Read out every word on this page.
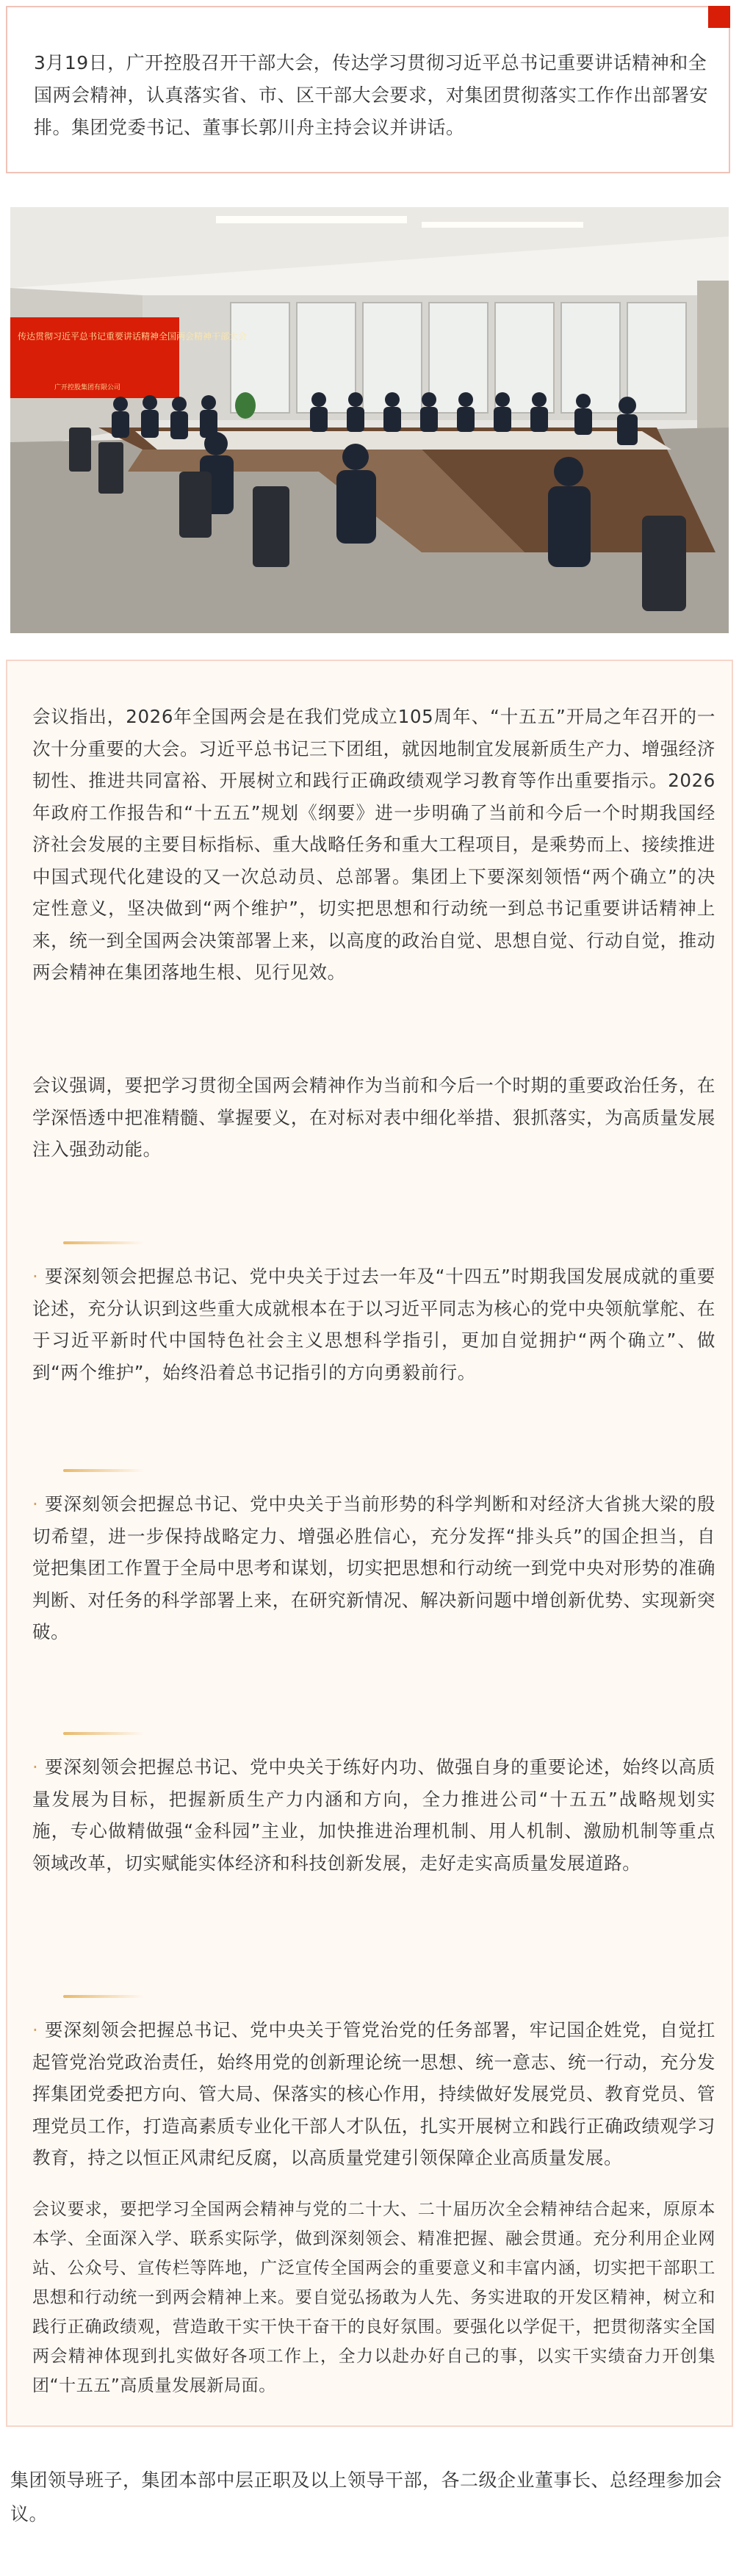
3月19日，广开控股召开干部大会，传达学习贯彻习近平总书记重要讲话精神和全国两会精神，认真落实省、市、区干部大会要求，对集团贯彻落实工作作出部署安排。集团党委书记、董事长郭川舟主持会议并讲话。
传达贯彻习近平总书记重要讲话精神全国两会精神干部大会
广开控股集团有限公司
会议指出，2026年全国两会是在我们党成立105周年、“十五五”开局之年召开的一次十分重要的大会。习近平总书记三下团组，就因地制宜发展新质生产力、增强经济韧性、推进共同富裕、开展树立和践行正确政绩观学习教育等作出重要指示。2026年政府工作报告和“十五五”规划《纲要》进一步明确了当前和今后一个时期我国经济社会发展的主要目标指标、重大战略任务和重大工程项目，是乘势而上、接续推进中国式现代化建设的又一次总动员、总部署。集团上下要深刻领悟“两个确立”的决定性意义，坚决做到“两个维护”，切实把思想和行动统一到总书记重要讲话精神上来，统一到全国两会决策部署上来，以高度的政治自觉、思想自觉、行动自觉，推动两会精神在集团落地生根、见行见效。
会议强调，要把学习贯彻全国两会精神作为当前和今后一个时期的重要政治任务，在学深悟透中把准精髓、掌握要义，在对标对表中细化举措、狠抓落实，为高质量发展注入强劲动能。
· 要深刻领会把握总书记、党中央关于过去一年及“十四五”时期我国发展成就的重要论述，充分认识到这些重大成就根本在于以习近平同志为核心的党中央领航掌舵、在于习近平新时代中国特色社会主义思想科学指引，更加自觉拥护“两个确立”、做到“两个维护”，始终沿着总书记指引的方向勇毅前行。
· 要深刻领会把握总书记、党中央关于当前形势的科学判断和对经济大省挑大梁的殷切希望，进一步保持战略定力、增强必胜信心，充分发挥“排头兵”的国企担当，自觉把集团工作置于全局中思考和谋划，切实把思想和行动统一到党中央对形势的准确判断、对任务的科学部署上来，在研究新情况、解决新问题中增创新优势、实现新突破。
· 要深刻领会把握总书记、党中央关于练好内功、做强自身的重要论述，始终以高质量发展为目标，把握新质生产力内涵和方向，全力推进公司“十五五”战略规划实施，专心做精做强“金科园”主业，加快推进治理机制、用人机制、激励机制等重点领域改革，切实赋能实体经济和科技创新发展，走好走实高质量发展道路。
· 要深刻领会把握总书记、党中央关于管党治党的任务部署，牢记国企姓党，自觉扛起管党治党政治责任，始终用党的创新理论统一思想、统一意志、统一行动，充分发挥集团党委把方向、管大局、保落实的核心作用，持续做好发展党员、教育党员、管理党员工作，打造高素质专业化干部人才队伍，扎实开展树立和践行正确政绩观学习教育，持之以恒正风肃纪反腐，以高质量党建引领保障企业高质量发展。
会议要求，要把学习全国两会精神与党的二十大、二十届历次全会精神结合起来，原原本本学、全面深入学、联系实际学，做到深刻领会、精准把握、融会贯通。充分利用企业网站、公众号、宣传栏等阵地，广泛宣传全国两会的重要意义和丰富内涵，切实把干部职工思想和行动统一到两会精神上来。要自觉弘扬敢为人先、务实进取的开发区精神，树立和践行正确政绩观，营造敢干实干快干奋干的良好氛围。要强化以学促干，把贯彻落实全国两会精神体现到扎实做好各项工作上，全力以赴办好自己的事，以实干实绩奋力开创集团“十五五”高质量发展新局面。
集团领导班子，集团本部中层正职及以上领导干部，各二级企业董事长、总经理参加会议。
